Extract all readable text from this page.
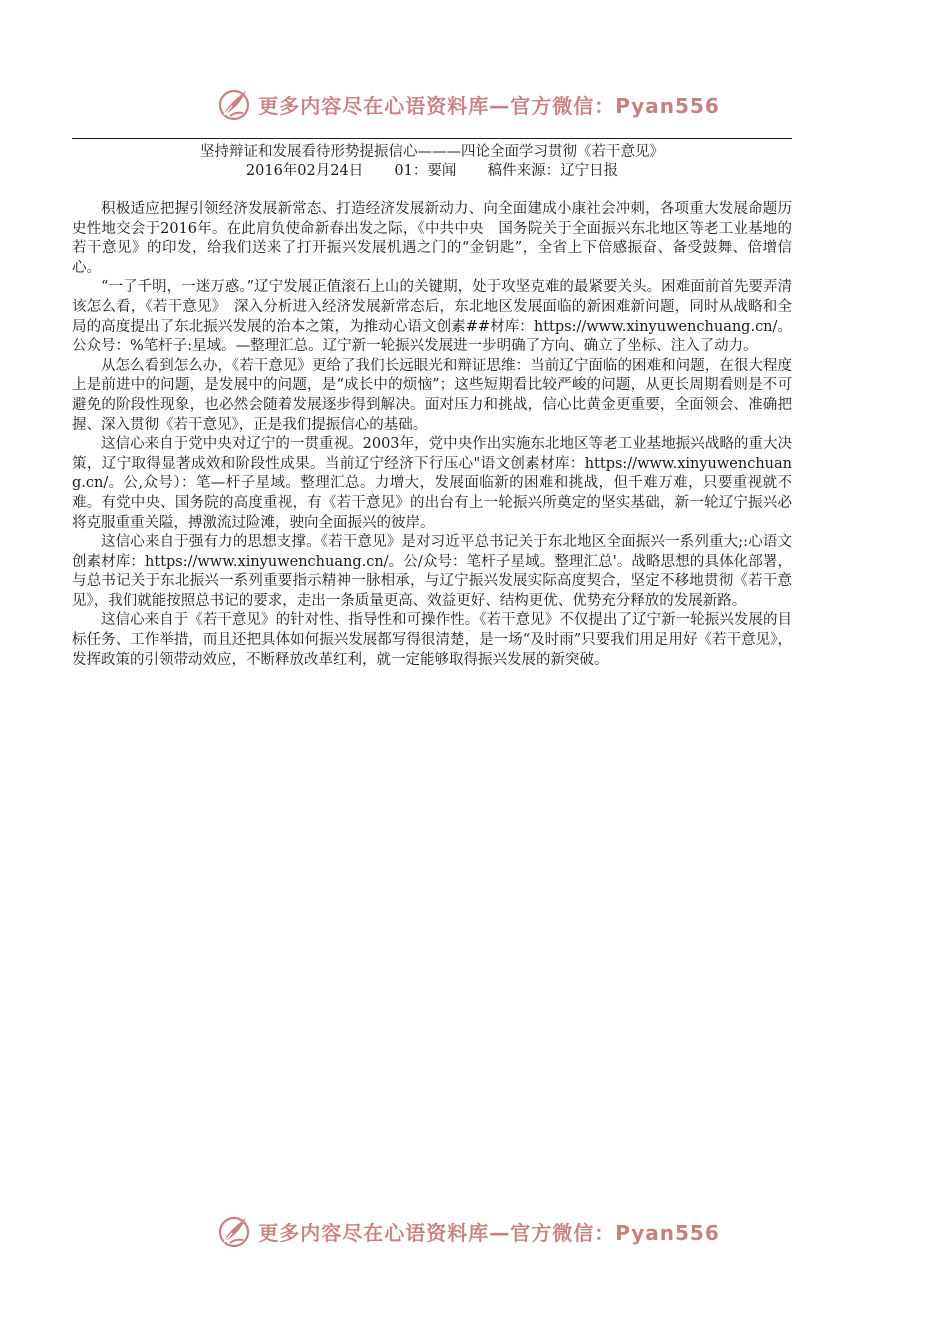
更多内容尽在心语资料库—官方微信：Pyan556
坚持辩证和发展看待形势提振信心———四论全面学习贯彻《若干意见》
2016年02月24日 01：要闻 稿件来源：辽宁日报

积极适应把握引领经济发展新常态、打造经济发展新动力、向全面建成小康社会冲刺，各项重大发展命题历史性地交会于2016年。在此肩负使命新春出发之际，《中共中央　国务院关于全面振兴东北地区等老工业基地的若干意见》的印发，给我们送来了打开振兴发展机遇之门的“金钥匙”，全省上下倍感振奋、备受鼓舞、倍增信心。

“一了千明，一迷万惑。”辽宁发展正值滚石上山的关键期，处于攻坚克难的最紧要关头。困难面前首先要弄清该怎么看，《若干意见》　深入分析进入经济发展新常态后，东北地区发展面临的新困难新问题，同时从战略和全局的高度提出了东北振兴发展的治本之策，为推动心语文创素##材库：https://www.xinyuwenchuang.cn/。公众号：%笔杆子:星域。—整理汇总。辽宁新一轮振兴发展进一步明确了方向、确立了坐标、注入了动力。

从怎么看到怎么办，《若干意见》更给了我们长远眼光和辩证思维：当前辽宁面临的困难和问题，在很大程度上是前进中的问题，是发展中的问题，是“成长中的烦恼”；这些短期看比较严峻的问题，从更长周期看则是不可避免的阶段性现象，也必然会随着发展逐步得到解决。面对压力和挑战，信心比黄金更重要，全面领会、准确把握、深入贯彻《若干意见》，正是我们提振信心的基础。

这信心来自于党中央对辽宁的一贯重视。2003年，党中央作出实施东北地区等老工业基地振兴战略的重大决策，辽宁取得显著成效和阶段性成果。当前辽宁经济下行压心"语文创素材库：https://www.xinyuwenchuang.cn/。公,众号）：笔—杆子星域。整理汇总。力增大，发展面临新的困难和挑战，但千难万难，只要重视就不难。有党中央、国务院的高度重视，有《若干意见》的出台有上一轮振兴所奠定的坚实基础，新一轮辽宁振兴必将克服重重关隘，搏激流过险滩，驶向全面振兴的彼岸。

这信心来自于强有力的思想支撑。《若干意见》是对习近平总书记关于东北地区全面振兴一系列重大;:心语文创素材库：https://www.xinyuwenchuang.cn/。公/众号：笔杆子星域。整理汇总'。战略思想的具体化部署，与总书记关于东北振兴一系列重要指示精神一脉相承，与辽宁振兴发展实际高度契合，坚定不移地贯彻《若干意见》，我们就能按照总书记的要求，走出一条质量更高、效益更好、结构更优、优势充分释放的发展新路。

这信心来自于《若干意见》的针对性、指导性和可操作性。《若干意见》不仅提出了辽宁新一轮振兴发展的目标任务、工作举措，而且还把具体如何振兴发展都写得很清楚，是一场“及时雨”只要我们用足用好《若干意见》，发挥政策的引领带动效应，不断释放改革红利，就一定能够取得振兴发展的新突破。

更多内容尽在心语资料库—官方微信：Pyan556
